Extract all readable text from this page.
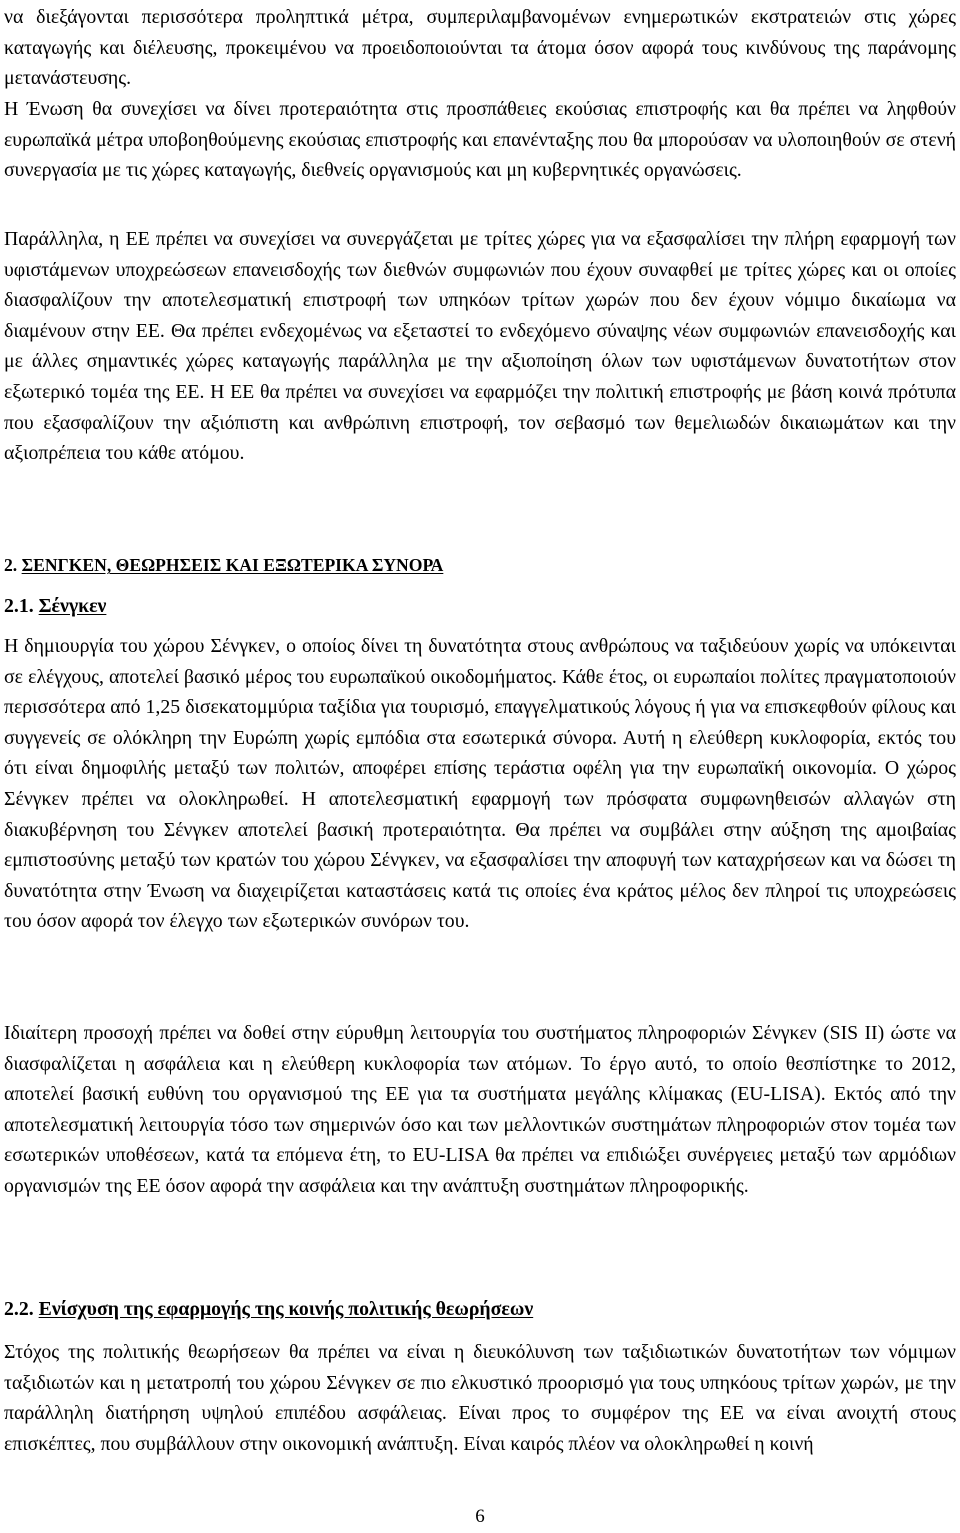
να διεξάγονται περισσότερα προληπτικά μέτρα, συμπεριλαμβανομένων ενημερωτικών εκστρατειών στις χώρες καταγωγής και διέλευσης, προκειμένου να προειδοποιούνται τα άτομα όσον αφορά τους κινδύνους της παράνομης μετανάστευσης.

Η Ένωση θα συνεχίσει να δίνει προτεραιότητα στις προσπάθειες εκούσιας επιστροφής και θα πρέπει να ληφθούν ευρωπαϊκά μέτρα υποβοηθούμενης εκούσιας επιστροφής και επανένταξης που θα μπορούσαν να υλοποιηθούν σε στενή συνεργασία με τις χώρες καταγωγής, διεθνείς οργανισμούς και μη κυβερνητικές οργανώσεις.

Παράλληλα, η ΕΕ πρέπει να συνεχίσει να συνεργάζεται με τρίτες χώρες για να εξασφαλίσει την πλήρη εφαρμογή των υφιστάμενων υποχρεώσεων επανεισδοχής των διεθνών συμφωνιών που έχουν συναφθεί με τρίτες χώρες και οι οποίες διασφαλίζουν την αποτελεσματική επιστροφή των υπηκόων τρίτων χωρών που δεν έχουν νόμιμο δικαίωμα να διαμένουν στην ΕΕ. Θα πρέπει ενδεχομένως να εξεταστεί το ενδεχόμενο σύναψης νέων συμφωνιών επανεισδοχής και με άλλες σημαντικές χώρες καταγωγής παράλληλα με την αξιοποίηση όλων των υφιστάμενων δυνατοτήτων στον εξωτερικό τομέα της ΕΕ. Η ΕΕ θα πρέπει να συνεχίσει να εφαρμόζει την πολιτική επιστροφής με βάση κοινά πρότυπα που εξασφαλίζουν την αξιόπιστη και ανθρώπινη επιστροφή, τον σεβασμό των θεμελιωδών δικαιωμάτων και την αξιοπρέπεια του κάθε ατόμου.

2. ΣΕΝΓΚΕΝ, ΘΕΩΡΗΣΕΙΣ ΚΑΙ ΕΞΩΤΕΡΙΚΑ ΣΥΝΟΡΑ
2.1. Σένγκεν

Η δημιουργία του χώρου Σένγκεν, ο οποίος δίνει τη δυνατότητα στους ανθρώπους να ταξιδεύουν χωρίς να υπόκεινται σε ελέγχους, αποτελεί βασικό μέρος του ευρωπαϊκού οικοδομήματος. Κάθε έτος, οι ευρωπαίοι πολίτες πραγματοποιούν περισσότερα από 1,25 δισεκατομμύρια ταξίδια για τουρισμό, επαγγελματικούς λόγους ή για να επισκεφθούν φίλους και συγγενείς σε ολόκληρη την Ευρώπη χωρίς εμπόδια στα εσωτερικά σύνορα. Αυτή η ελεύθερη κυκλοφορία, εκτός του ότι είναι δημοφιλής μεταξύ των πολιτών, αποφέρει επίσης τεράστια οφέλη για την ευρωπαϊκή οικονομία. Ο χώρος Σένγκεν πρέπει να ολοκληρωθεί. Η αποτελεσματική εφαρμογή των πρόσφατα συμφωνηθεισών αλλαγών στη διακυβέρνηση του Σένγκεν αποτελεί βασική προτεραιότητα. Θα πρέπει να συμβάλει στην αύξηση της αμοιβαίας εμπιστοσύνης μεταξύ των κρατών του χώρου Σένγκεν, να εξασφαλίσει την αποφυγή των καταχρήσεων και να δώσει τη δυνατότητα στην Ένωση να διαχειρίζεται καταστάσεις κατά τις οποίες ένα κράτος μέλος δεν πληροί τις υποχρεώσεις του όσον αφορά τον έλεγχο των εξωτερικών συνόρων του.

Ιδιαίτερη προσοχή πρέπει να δοθεί στην εύρυθμη λειτουργία του συστήματος πληροφοριών Σένγκεν (SIS II) ώστε να διασφαλίζεται η ασφάλεια και η ελεύθερη κυκλοφορία των ατόμων. Το έργο αυτό, το οποίο θεσπίστηκε το 2012, αποτελεί βασική ευθύνη του οργανισμού της ΕΕ για τα συστήματα μεγάλης κλίμακας (EU-LISA). Εκτός από την αποτελεσματική λειτουργία τόσο των σημερινών όσο και των μελλοντικών συστημάτων πληροφοριών στον τομέα των εσωτερικών υποθέσεων, κατά τα επόμενα έτη, το EU-LISA θα πρέπει να επιδιώξει συνέργειες μεταξύ των αρμόδιων οργανισμών της ΕΕ όσον αφορά την ασφάλεια και την ανάπτυξη συστημάτων πληροφορικής.

2.2. Ενίσχυση της εφαρμογής της κοινής πολιτικής θεωρήσεων

Στόχος της πολιτικής θεωρήσεων θα πρέπει να είναι η διευκόλυνση των ταξιδιωτικών δυνατοτήτων των νόμιμων ταξιδιωτών και η μετατροπή του χώρου Σένγκεν σε πιο ελκυστικό προορισμό για τους υπηκόους τρίτων χωρών, με την παράλληλη διατήρηση υψηλού επιπέδου ασφάλειας. Είναι προς το συμφέρον της ΕΕ να είναι ανοιχτή στους επισκέπτες, που συμβάλλουν στην οικονομική ανάπτυξη. Είναι καιρός πλέον να ολοκληρωθεί η κοινή

6
